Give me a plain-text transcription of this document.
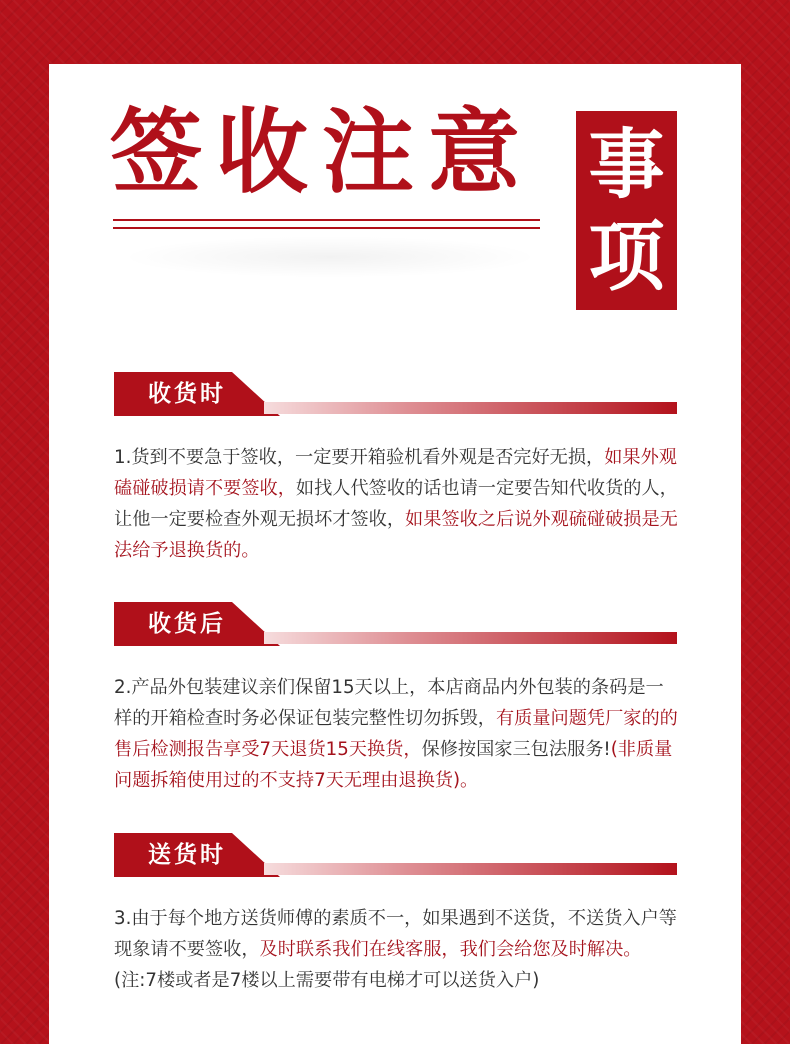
签收注意 事
项
收货时
1.货到不要急于签收，一定要开箱验机看外观是否完好无损，如果外观磕碰破损请不要签收，如找人代签收的话也请一定要告知代收货的人，让他一定要检查外观无损坏才签收，如果签收之后说外观硫碰破损是无法给予退换货的。
收货后
2.产品外包装建议亲们保留15天以上，本店商品内外包装的条码是一样的开箱检查时务必保证包装完整性切勿拆毁，有质量问题凭厂家的的售后检测报告享受7天退货15天换货，保修按国家三包法服务!(非质量问题拆箱使用过的不支持7天无理由退换货)。
送货时
3.由于每个地方送货师傅的素质不一，如果遇到不送货，不送货入户等现象请不要签收，及时联系我们在线客服，我们会给您及时解决。(注:7楼或者是7楼以上需要带有电梯才可以送货入户)
